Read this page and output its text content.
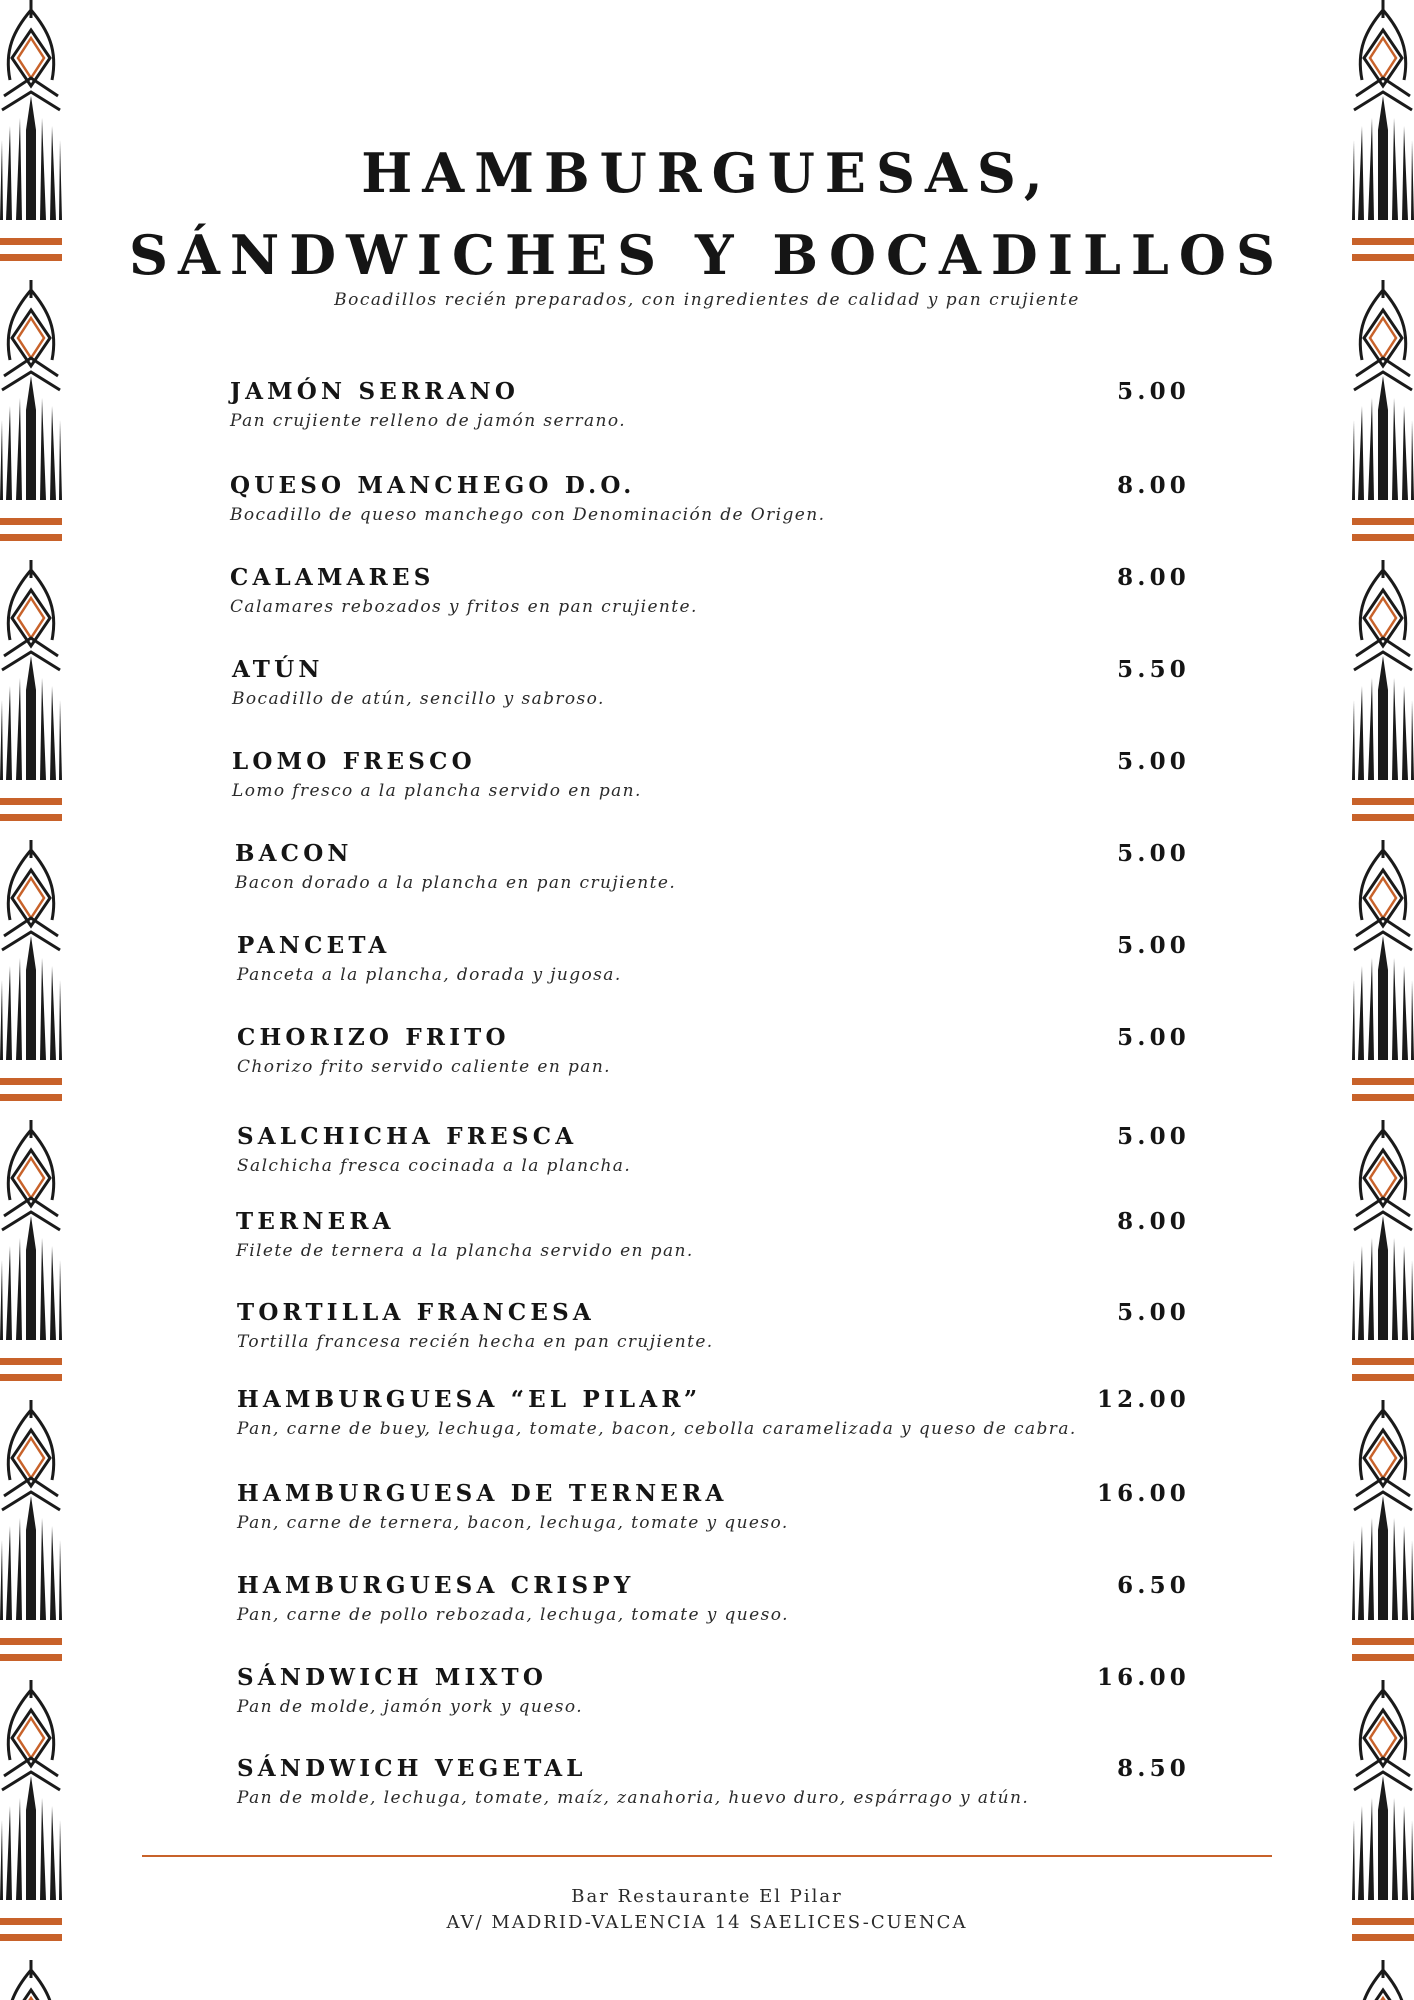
HAMBURGUESAS,
SÁNDWICHES Y BOCADILLOS
Bocadillos recién preparados, con ingredientes de calidad y pan crujiente
JAMÓN SERRANO	5.00
Pan crujiente relleno de jamón serrano.
QUESO MANCHEGO D.O.	8.00
Bocadillo de queso manchego con Denominación de Origen.
CALAMARES	8.00
Calamares rebozados y fritos en pan crujiente.
ATÚN	5.50
Bocadillo de atún, sencillo y sabroso.
LOMO FRESCO	5.00
Lomo fresco a la plancha servido en pan.
BACON	5.00
Bacon dorado a la plancha en pan crujiente.
PANCETA	5.00
Panceta a la plancha, dorada y jugosa.
CHORIZO FRITO	5.00
Chorizo frito servido caliente en pan.
SALCHICHA FRESCA	5.00
Salchicha fresca cocinada a la plancha.
TERNERA	8.00
Filete de ternera a la plancha servido en pan.
TORTILLA FRANCESA	5.00
Tortilla francesa recién hecha en pan crujiente.
HAMBURGUESA “EL PILAR”	12.00
Pan, carne de buey, lechuga, tomate, bacon, cebolla caramelizada y queso de cabra.
HAMBURGUESA DE TERNERA	16.00
Pan, carne de ternera, bacon, lechuga, tomate y queso.
HAMBURGUESA CRISPY	6.50
Pan, carne de pollo rebozada, lechuga, tomate y queso.
SÁNDWICH MIXTO	16.00
Pan de molde, jamón york y queso.
SÁNDWICH VEGETAL	8.50
Pan de molde, lechuga, tomate, maíz, zanahoria, huevo duro, espárrago y atún.
Bar Restaurante El Pilar
AV/ MADRID-VALENCIA 14 SAELICES-CUENCA
